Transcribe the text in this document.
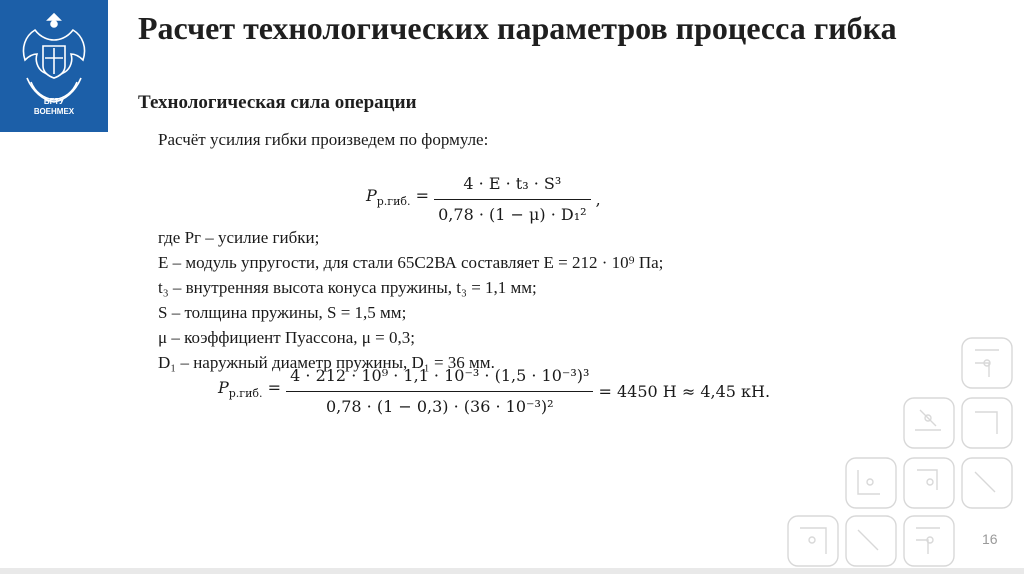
БГТУ
ВОЕНМЕХ
Расчет технологических параметров процесса гибка
Технологическая сила операции
Расчёт усилия гибки произведем по формуле:
$P_{р.гиб.} = \frac{\text{4 · E · t₃ · S³}}{\text{0,78 · (1 − μ) · D₁²}}$ ,
где Pг – усилие гибки;
E – модуль упругости, для стали 65С2ВА составляет E = 212 · 10⁹ Па;
t₃ – внутренняя высота конуса пружины, t₃ = 1,1 мм;
S – толщина пружины, S = 1,5 мм;
μ – коэффициент Пуассона, μ = 0,3;
D₁ – наружный диаметр пружины, D₁ = 36 мм.
$P_{р.гиб.} = \frac{\text{4 · 212 · 10⁹ · 1,1 · 10⁻³ · (1,5 · 10⁻³)³}}{\text{0,78 · (1 − 0,3) · (36 · 10⁻³)²}} = 4450$ Н ≈ 4,45 кН.
16
